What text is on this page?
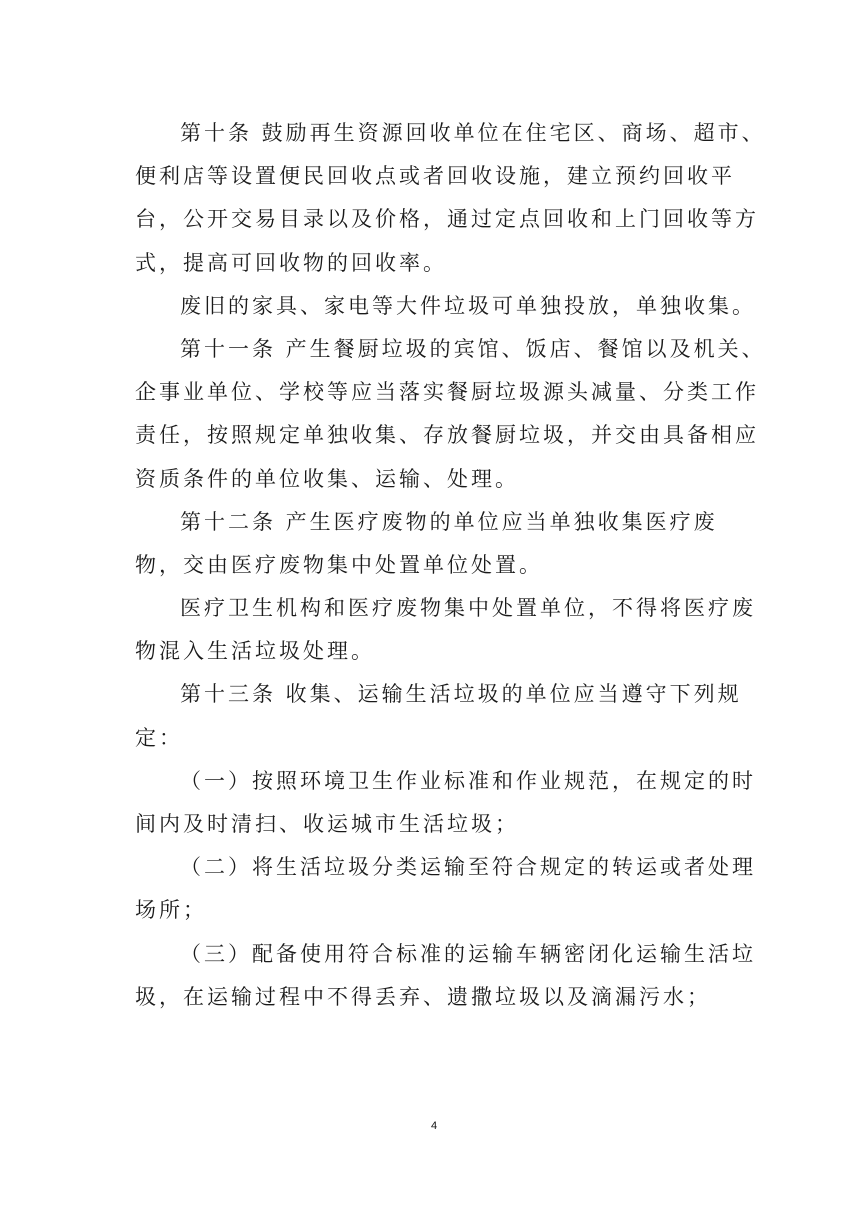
第十条 鼓励再生资源回收单位在住宅区、商场、超市、
便利店等设置便民回收点或者回收设施，建立预约回收平
台，公开交易目录以及价格，通过定点回收和上门回收等方
式，提高可回收物的回收率。
废旧的家具、家电等大件垃圾可单独投放，单独收集。
第十一条 产生餐厨垃圾的宾馆、饭店、餐馆以及机关、
企事业单位、学校等应当落实餐厨垃圾源头减量、分类工作
责任，按照规定单独收集、存放餐厨垃圾，并交由具备相应
资质条件的单位收集、运输、处理。
第十二条 产生医疗废物的单位应当单独收集医疗废
物，交由医疗废物集中处置单位处置。
医疗卫生机构和医疗废物集中处置单位，不得将医疗废
物混入生活垃圾处理。
第十三条 收集、运输生活垃圾的单位应当遵守下列规
定：
（一）按照环境卫生作业标准和作业规范，在规定的时
间内及时清扫、收运城市生活垃圾；
（二）将生活垃圾分类运输至符合规定的转运或者处理
场所；
（三）配备使用符合标准的运输车辆密闭化运输生活垃
圾，在运输过程中不得丢弃、遗撒垃圾以及滴漏污水；
4
